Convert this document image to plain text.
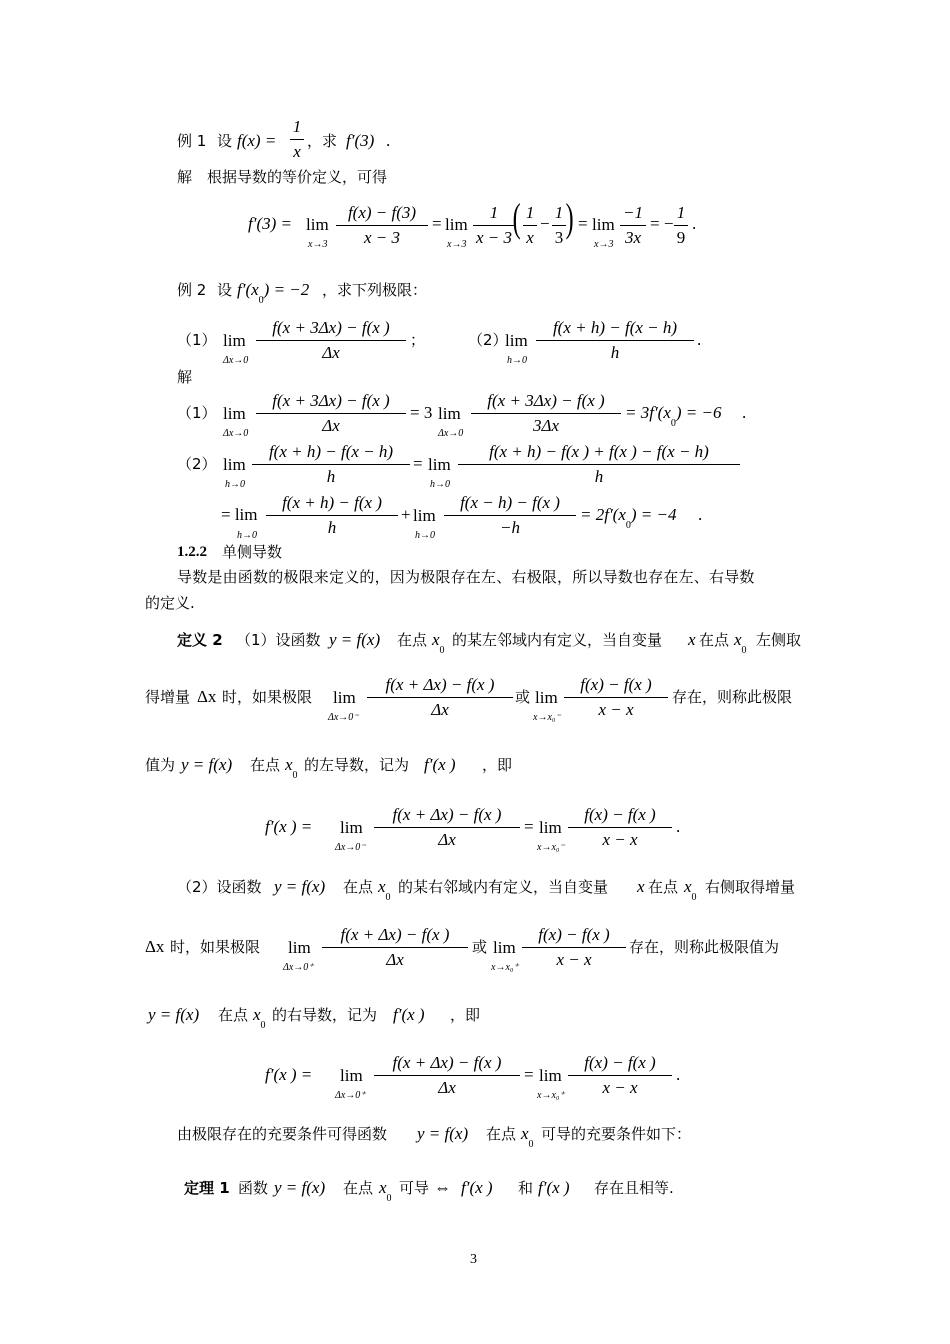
例 1 设 f(x) =
1
x
，求 f′(3) .
解 根据导数的等价定义，可得
f′(3) = lim
x→3
f(x) − f(3)
x − 3
= lim
x→3
1
x − 3 ( 1
x
−
1
3 ) = lim
x→3
−1
3x
= −
1
9
.
例 2 设 $f'(x_0) = -2$ ，求下列极限：
（1） lim
Δx→0
f(x + 3Δx) − f(x )
Δx
；	（2）
lim
h→0
f(x + h) − f(x − h)
h
.
解
（1） lim
Δx→0
f(x + 3Δx) − f(x )
Δx
= 3 lim
Δx→0
f(x + 3Δx) − f(x )
3Δx
= $3f'(x_0) = -6$ .
（2） lim
h→0
f(x + h) − f(x − h)
h
= lim
h→0
f(x + h) − f(x ) + f(x ) − f(x − h)
h
= lim
h→0
f(x + h) − f(x )
h
+ lim
h→0
f(x − h) − f(x )
−h
= $2f'(x_0) = -4$ .
1.2.2 单侧导数
导数是由函数的极限来定义的，因为极限存在左、右极限，所以导数也存在左、右导数
的定义.
定义 2 （1）设函数 y = f(x) 在点 $x_0$
的某左邻域内有定义，当自变量 x 在点 $x_0$
左侧取
得增量 Δx 时，如果极限 lim
Δx→0⁻
f(x + Δx) − f(x )
Δx
或 lim
x→x₀⁻
f(x) − f(x )
x − x
存在，则称此极限
值为 y = f(x) 在点 $x_0$
的左导数，记为 f′(x ) ，即
f′(x ) = lim
Δx→0⁻
f(x + Δx) − f(x )
Δx
= lim
x→x₀⁻
f(x) − f(x )
x − x
.
（2）设函数 y = f(x) 在点 $x_0$
的某右邻域内有定义，当自变量 x 在点 $x_0$
右侧取得增量
Δx 时，如果极限 lim
Δx→0⁺
f(x + Δx) − f(x )
Δx
或 lim
x→x₀⁺
f(x) − f(x )
x − x
存在，则称此极限值为
y = f(x) 在点 $x_0$
的右导数，记为 f′(x ) ，即
f′(x ) = lim
Δx→0⁺
f(x + Δx) − f(x )
Δx
= lim
x→x₀⁺
f(x) − f(x )
x − x
.
由极限存在的充要条件可得函数 y = f(x) 在点 $x_0$
可导的充要条件如下：
定理 1 函数 y = f(x) 在点 $x_0$
可导 ⇔ f′(x ) 和 f′(x ) 存在且相等.
3
